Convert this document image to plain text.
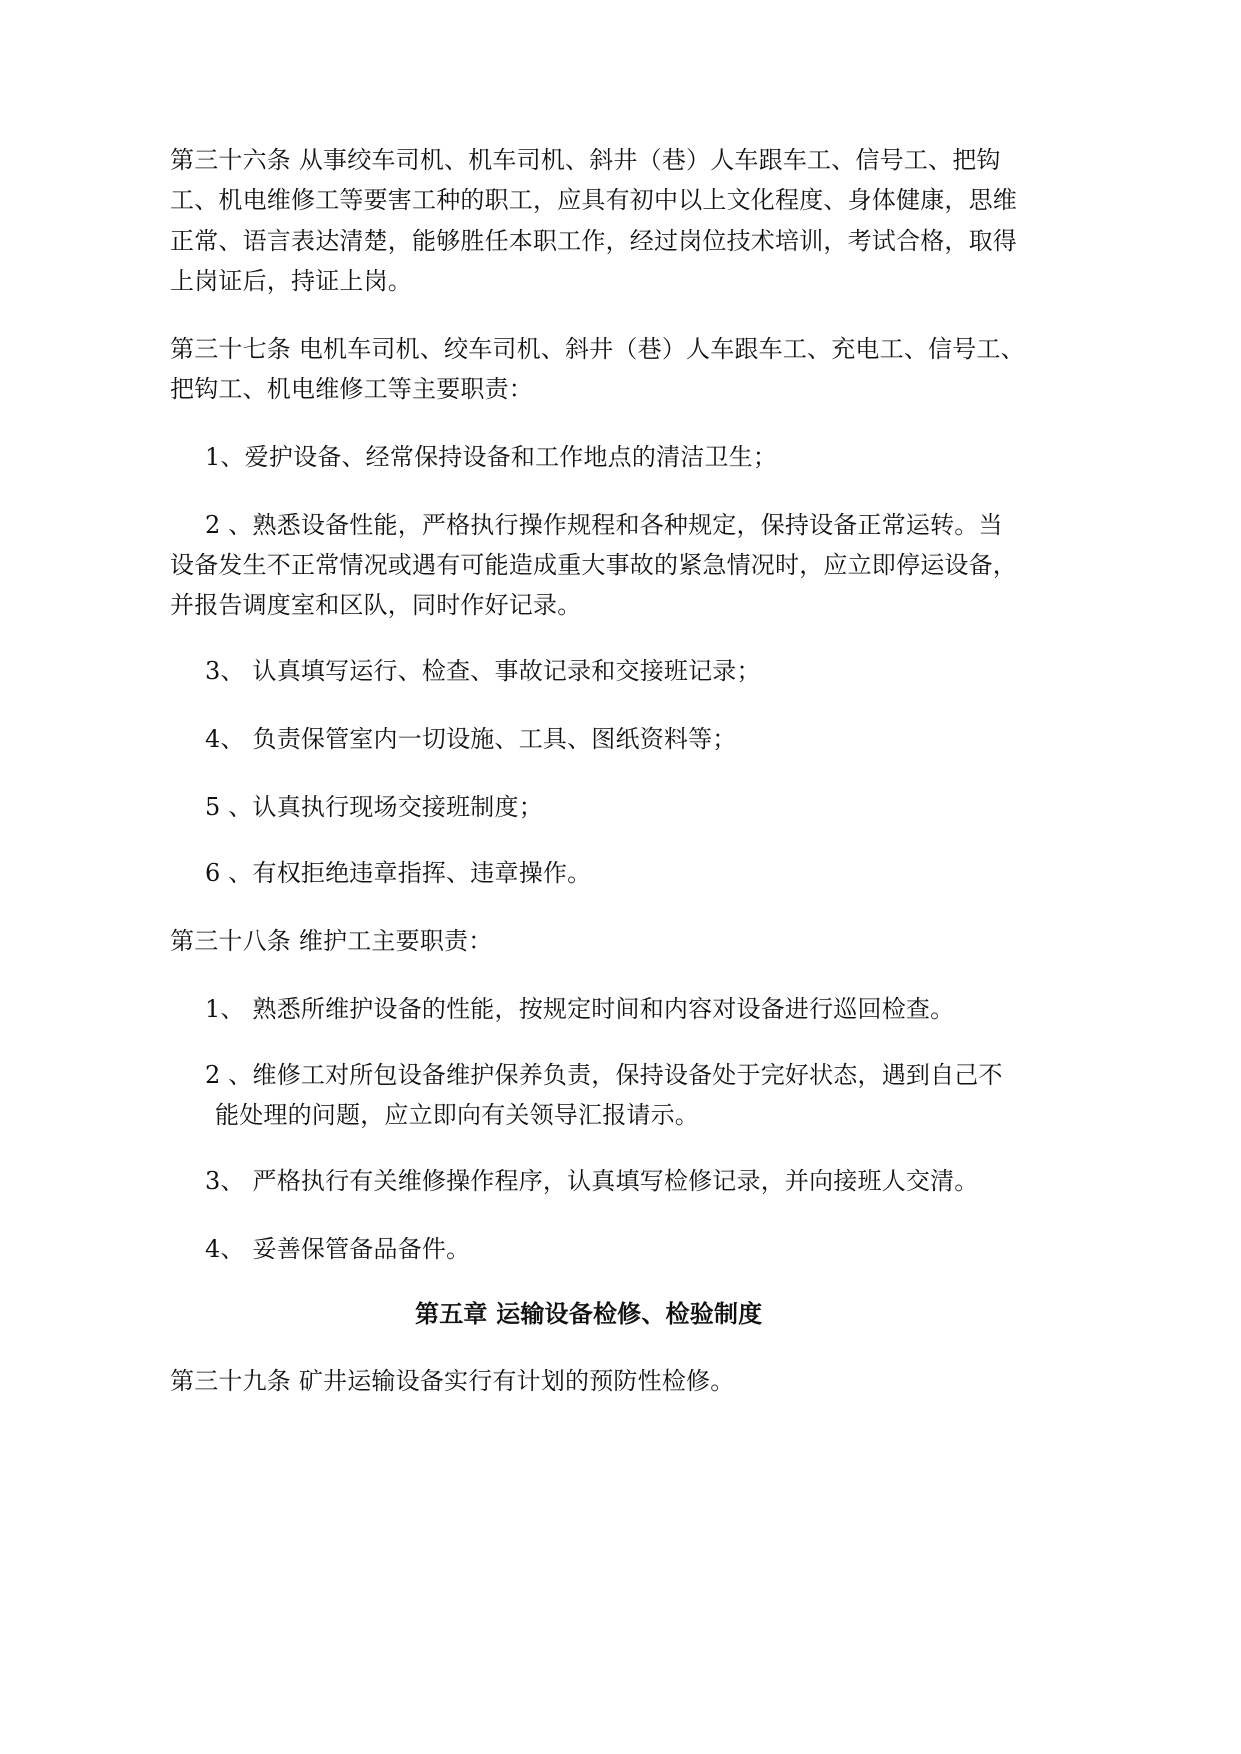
第三十六条 从事绞车司机、机车司机、斜井（巷）人车跟车工、信号工、把钩
工、机电维修工等要害工种的职工，应具有初中以上文化程度、身体健康，思维
正常、语言表达清楚，能够胜任本职工作，经过岗位技术培训，考试合格，取得
上岗证后，持证上岗。
第三十七条 电机车司机、绞车司机、斜井（巷）人车跟车工、充电工、信号工、
把钩工、机电维修工等主要职责：
1、爱护设备、经常保持设备和工作地点的清洁卫生；
2 、熟悉设备性能，严格执行操作规程和各种规定，保持设备正常运转。当
设备发生不正常情况或遇有可能造成重大事故的紧急情况时，应立即停运设备，
并报告调度室和区队，同时作好记录。
3、 认真填写运行、检查、事故记录和交接班记录；
4、 负责保管室内一切设施、工具、图纸资料等；
5 、认真执行现场交接班制度；
6 、有权拒绝违章指挥、违章操作。
第三十八条 维护工主要职责：
1、 熟悉所维护设备的性能，按规定时间和内容对设备进行巡回检查。
2 、维修工对所包设备维护保养负责，保持设备处于完好状态，遇到自己不
能处理的问题，应立即向有关领导汇报请示。
3、 严格执行有关维修操作程序，认真填写检修记录，并向接班人交清。
4、 妥善保管备品备件。
第五章 运输设备检修、检验制度
第三十九条 矿井运输设备实行有计划的预防性检修。
